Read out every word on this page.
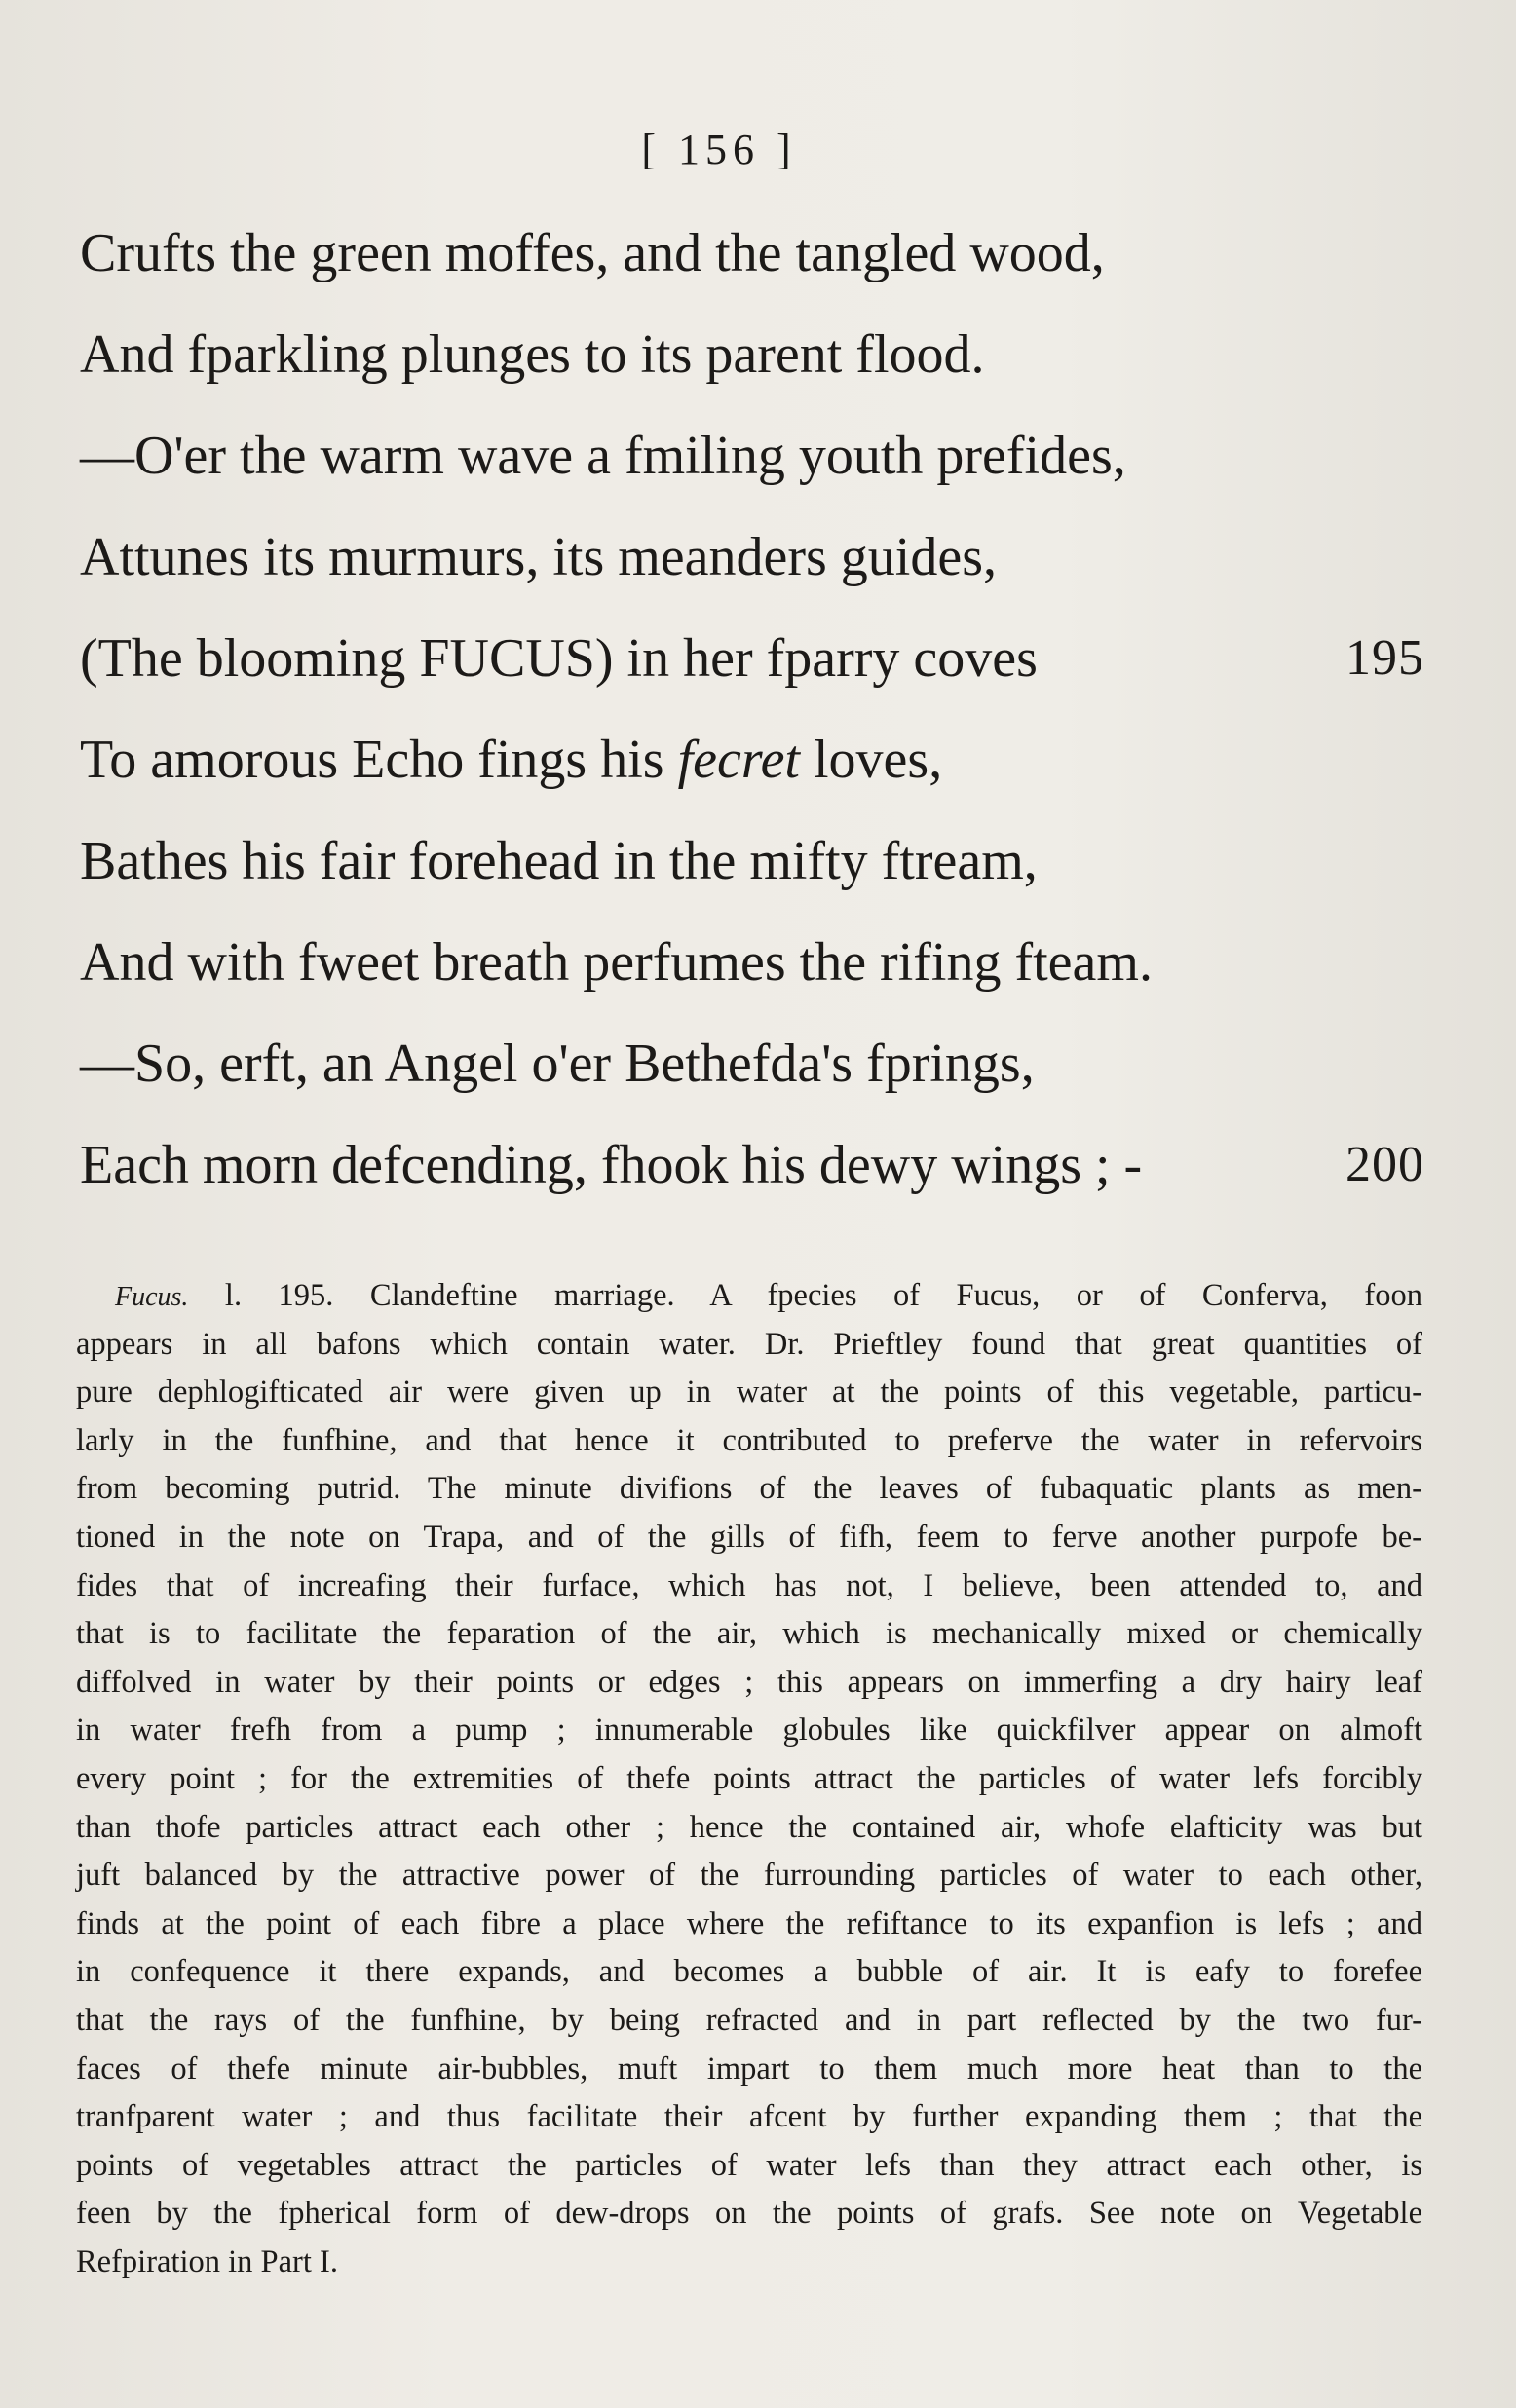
[ 156 ]
Crufts the green moffes, and the tangled wood,
And fparkling plunges to its parent flood.
—O'er the warm wave a fmiling youth prefides,
Attunes its murmurs, its meanders guides,
(The blooming FUCUS) in her fparry coves	195
To amorous Echo fings his fecret loves,
Bathes his fair forehead in the mifty ftream,
And with fweet breath perfumes the rifing fteam.
—So, erft, an Angel o'er Bethefda's fprings,
Each morn defcending, fhook his dewy wings ; -	200
Fucus. l. 195. Clandeftine marriage. A fpecies of Fucus, or of Conferva, foon
appears in all bafons which contain water. Dr. Prieftley found that great quantities of
pure dephlogifticated air were given up in water at the points of this vegetable, particu-
larly in the funfhine, and that hence it contributed to preferve the water in refervoirs
from becoming putrid. The minute divifions of the leaves of fubaquatic plants as men-
tioned in the note on Trapa, and of the gills of fifh, feem to ferve another purpofe be-
fides that of increafing their furface, which has not, I believe, been attended to, and
that is to facilitate the feparation of the air, which is mechanically mixed or chemically
diffolved in water by their points or edges ; this appears on immerfing a dry hairy leaf
in water frefh from a pump ; innumerable globules like quickfilver appear on almoft
every point ; for the extremities of thefe points attract the particles of water lefs forcibly
than thofe particles attract each other ; hence the contained air, whofe elafticity was but
juft balanced by the attractive power of the furrounding particles of water to each other,
finds at the point of each fibre a place where the refiftance to its expanfion is lefs ; and
in confequence it there expands, and becomes a bubble of air. It is eafy to forefee
that the rays of the funfhine, by being refracted and in part reflected by the two fur-
faces of thefe minute air-bubbles, muft impart to them much more heat than to the
tranfparent water ; and thus facilitate their afcent by further expanding them ; that the
points of vegetables attract the particles of water lefs than they attract each other, is
feen by the fpherical form of dew-drops on the points of grafs. See note on Vegetable
Refpiration in Part I.
